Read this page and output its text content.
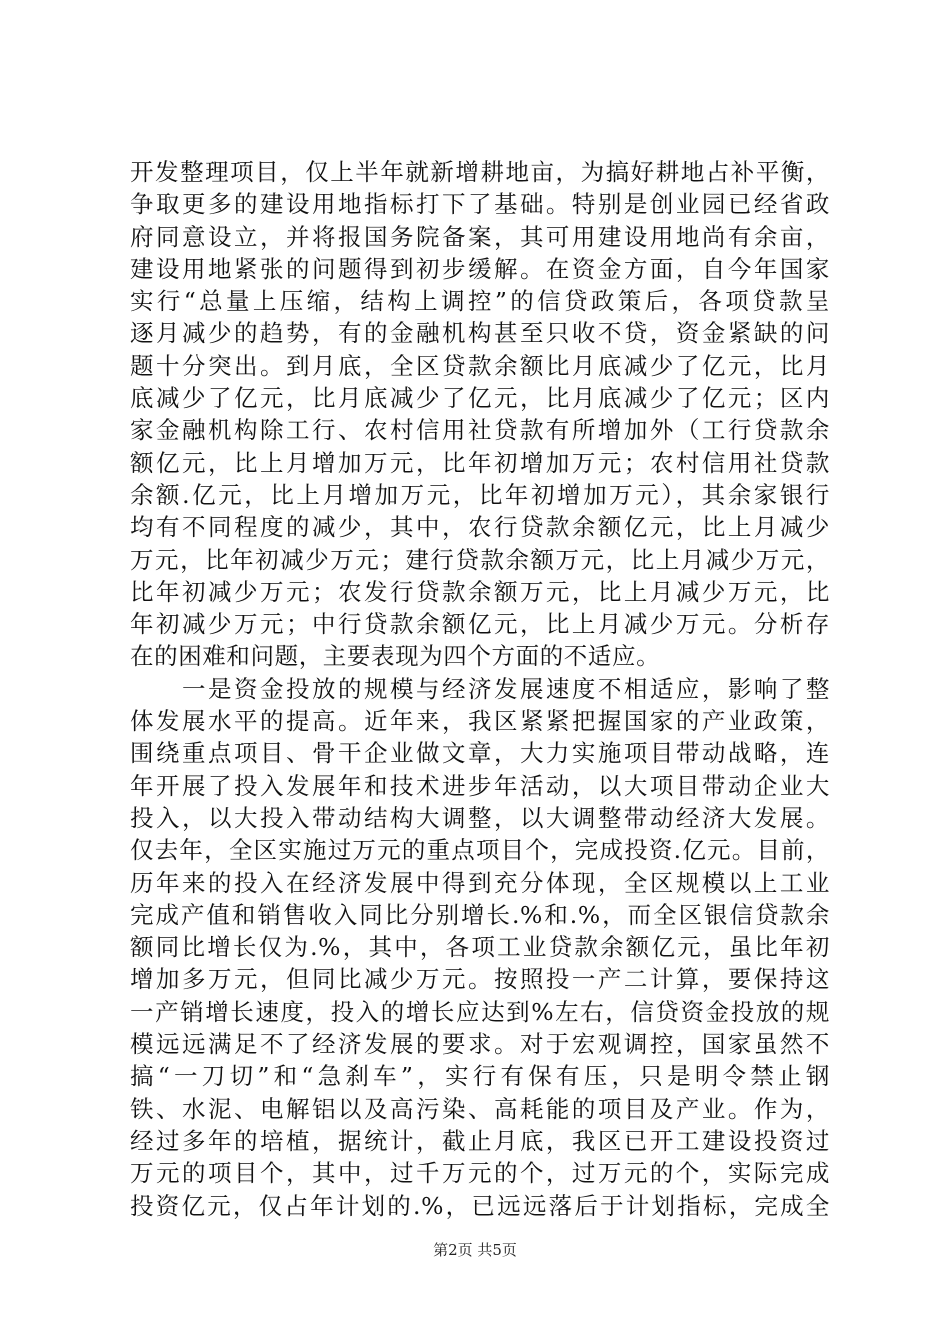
开发整理项目，仅上半年就新增耕地亩，为搞好耕地占补平衡，
争取更多的建设用地指标打下了基础。特别是创业园已经省政
府同意设立，并将报国务院备案，其可用建设用地尚有余亩，
建设用地紧张的问题得到初步缓解。在资金方面，自今年国家
实行“总量上压缩，结构上调控”的信贷政策后，各项贷款呈
逐月减少的趋势，有的金融机构甚至只收不贷，资金紧缺的问
题十分突出。到月底，全区贷款余额比月底减少了亿元，比月
底减少了亿元，比月底减少了亿元，比月底减少了亿元；区内
家金融机构除工行、农村信用社贷款有所增加外（工行贷款余
额亿元，比上月增加万元，比年初增加万元；农村信用社贷款
余额.亿元，比上月增加万元，比年初增加万元），其余家银行
均有不同程度的减少，其中，农行贷款余额亿元，比上月减少
万元，比年初减少万元；建行贷款余额万元，比上月减少万元，
比年初减少万元；农发行贷款余额万元，比上月减少万元，比
年初减少万元；中行贷款余额亿元，比上月减少万元。分析存
在的困难和问题，主要表现为四个方面的不适应。
　　一是资金投放的规模与经济发展速度不相适应，影响了整
体发展水平的提高。近年来，我区紧紧把握国家的产业政策，
围绕重点项目、骨干企业做文章，大力实施项目带动战略，连
年开展了投入发展年和技术进步年活动，以大项目带动企业大
投入，以大投入带动结构大调整，以大调整带动经济大发展。
仅去年，全区实施过万元的重点项目个，完成投资.亿元。目前，
历年来的投入在经济发展中得到充分体现，全区规模以上工业
完成产值和销售收入同比分别增长.%和.%，而全区银信贷款余
额同比增长仅为.%，其中，各项工业贷款余额亿元，虽比年初
增加多万元，但同比减少万元。按照投一产二计算，要保持这
一产销增长速度，投入的增长应达到%左右，信贷资金投放的规
模远远满足不了经济发展的要求。对于宏观调控，国家虽然不
搞“一刀切”和“急刹车”，实行有保有压，只是明令禁止钢
铁、水泥、电解铝以及高污染、高耗能的项目及产业。作为，
经过多年的培植，据统计，截止月底，我区已开工建设投资过
万元的项目个，其中，过千万元的个，过万元的个，实际完成
投资亿元，仅占年计划的.%，已远远落后于计划指标，完成全
第2页 共5页
